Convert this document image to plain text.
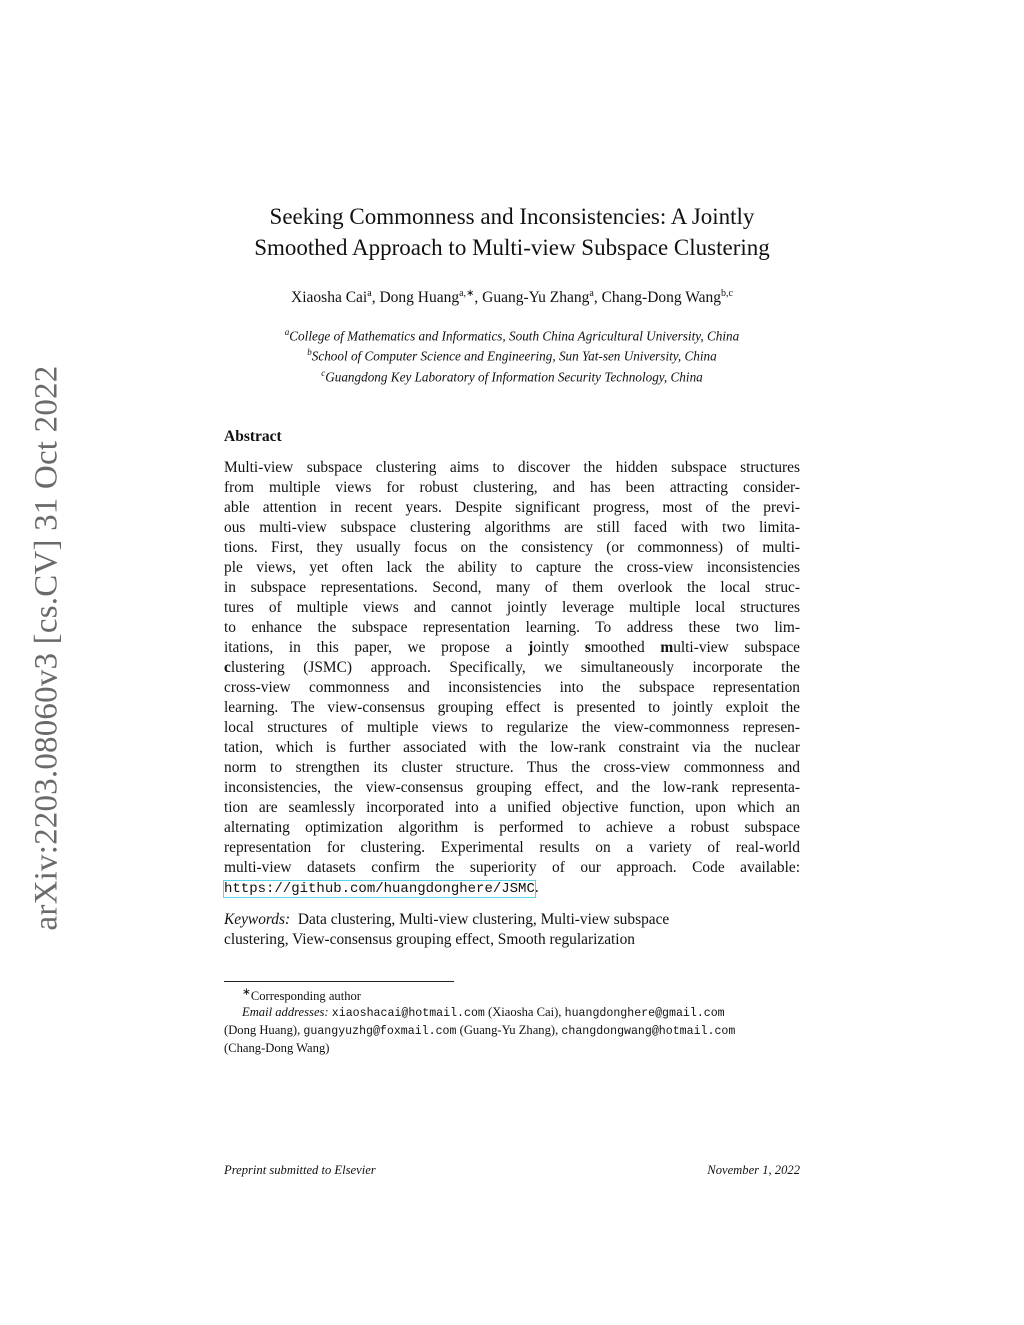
arXiv:2203.08060v3 [cs.CV] 31 Oct 2022
Seeking Commonness and Inconsistencies: A Jointly
Smoothed Approach to Multi-view Subspace Clustering
Xiaosha Cai$^a$, Dong Huang$^{a,∗}$, Guang-Yu Zhang$^a$, Chang-Dong Wang$^{b,c}$
$^a$College of Mathematics and Informatics, South China Agricultural University, China
$^b$School of Computer Science and Engineering, Sun Yat-sen University, China
$^c$Guangdong Key Laboratory of Information Security Technology, China
Abstract
Multi-view subspace clustering aims to discover the hidden subspace structures
from multiple views for robust clustering, and has been attracting consider-
able attention in recent years. Despite significant progress, most of the previ-
ous multi-view subspace clustering algorithms are still faced with two limita-
tions. First, they usually focus on the consistency (or commonness) of multi-
ple views, yet often lack the ability to capture the cross-view inconsistencies
in subspace representations. Second, many of them overlook the local struc-
tures of multiple views and cannot jointly leverage multiple local structures
to enhance the subspace representation learning. To address these two lim-
itations, in this paper, we propose a jointly smoothed multi-view subspace
clustering (JSMC) approach. Specifically, we simultaneously incorporate the
cross-view commonness and inconsistencies into the subspace representation
learning. The view-consensus grouping effect is presented to jointly exploit the
local structures of multiple views to regularize the view-commonness represen-
tation, which is further associated with the low-rank constraint via the nuclear
norm to strengthen its cluster structure. Thus the cross-view commonness and
inconsistencies, the view-consensus grouping effect, and the low-rank representa-
tion are seamlessly incorporated into a unified objective function, upon which an
alternating optimization algorithm is performed to achieve a robust subspace
representation for clustering. Experimental results on a variety of real-world
multi-view datasets confirm the superiority of our approach. Code available:
https://github.com/huangdonghere/JSMC.
Keywords: Data clustering, Multi-view clustering, Multi-view subspace
clustering, View-consensus grouping effect, Smooth regularization
∗Corresponding author
Email addresses: xiaoshacai@hotmail.com (Xiaosha Cai), huangdonghere@gmail.com
(Dong Huang), guangyuzhg@foxmail.com (Guang-Yu Zhang), changdongwang@hotmail.com
(Chang-Dong Wang)
Preprint submitted to Elsevier	November 1, 2022
